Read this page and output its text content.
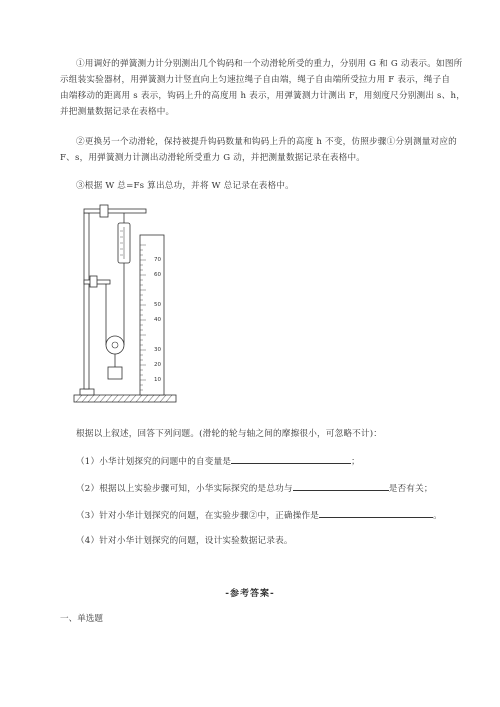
①用调好的弹簧测力计分别测出几个钩码和一个动滑轮所受的重力，分别用 G 和 G 动表示。如图所
示组装实验器材，用弹簧测力计竖直向上匀速拉绳子自由端，绳子自由端所受拉力用 F 表示，绳子自
由端移动的距离用 s 表示，钩码上升的高度用 h 表示，用弹簧测力计测出 F，用刻度尺分别测出 s、h，
并把测量数据记录在表格中。
②更换另一个动滑轮，保持被提升钩码数量和钩码上升的高度 h 不变，仿照步骤①分别测量对应的
F、s，用弹簧测力计测出动滑轮所受重力 G 动，并把测量数据记录在表格中。
③根据 W 总=Fs 算出总功，并将 W 总记录在表格中。
70
60
50
40
30
20
10
根据以上叙述，回答下列问题。(滑轮的轮与轴之间的摩擦很小，可忽略不计)：
（1）小华计划探究的问题中的自变量是	；
（2）根据以上实验步骤可知，小华实际探究的是总功与	是否有关；
（3）针对小华计划探究的问题，在实验步骤②中，正确操作是	。
（4）针对小华计划探究的问题，设计实验数据记录表。
-参考答案-
一、单选题
